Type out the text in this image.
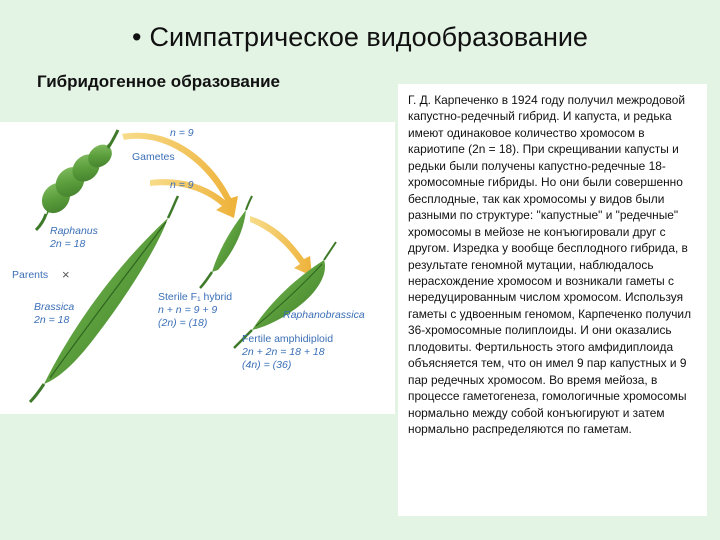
• Симпатрическое видообразование
Гибридогенное образование
n = 9
Gametes
n = 9
Raphanus
2n = 18
Parents ×
Brassica
2n = 18
Sterile F₁ hybrid
n + n = 9 + 9
(2n) = (18)
Raphanobrassica
Fertile amphidiploid
2n + 2n = 18 + 18
(4n) = (36)

Г. Д. Карпеченко в 1924 году получил межродовой капустно-редечный гибрид. И капуста, и редька имеют одинаковое количество хромосом в кариотипе (2n = 18). При скрещивании капусты и редьки были получены капустно-редечные 18-хромосомные гибриды. Но они были совершенно бесплодные, так как хромосомы у видов были разными по структуре: "капустные" и "редечные" хромосомы в мейозе не конъюгировали друг с другом. Изредка у вообще бесплодного гибрида, в результате геномной мутации, наблюдалось нерасхождение хромосом и возникали гаметы с нередуцированным числом хромосом. Используя гаметы с удвоенным геномом, Карпеченко получил 36-хромосомные полиплоиды. И они оказались плодовиты. Фертильность этого амфидиплоида объясняется тем, что он имел 9 пар капустных и 9 пар редечных хромосом. Во время мейоза, в процессе гаметогенеза, гомологичные хромосомы нормально между собой конъюгируют и затем нормально распределяются по гаметам.
